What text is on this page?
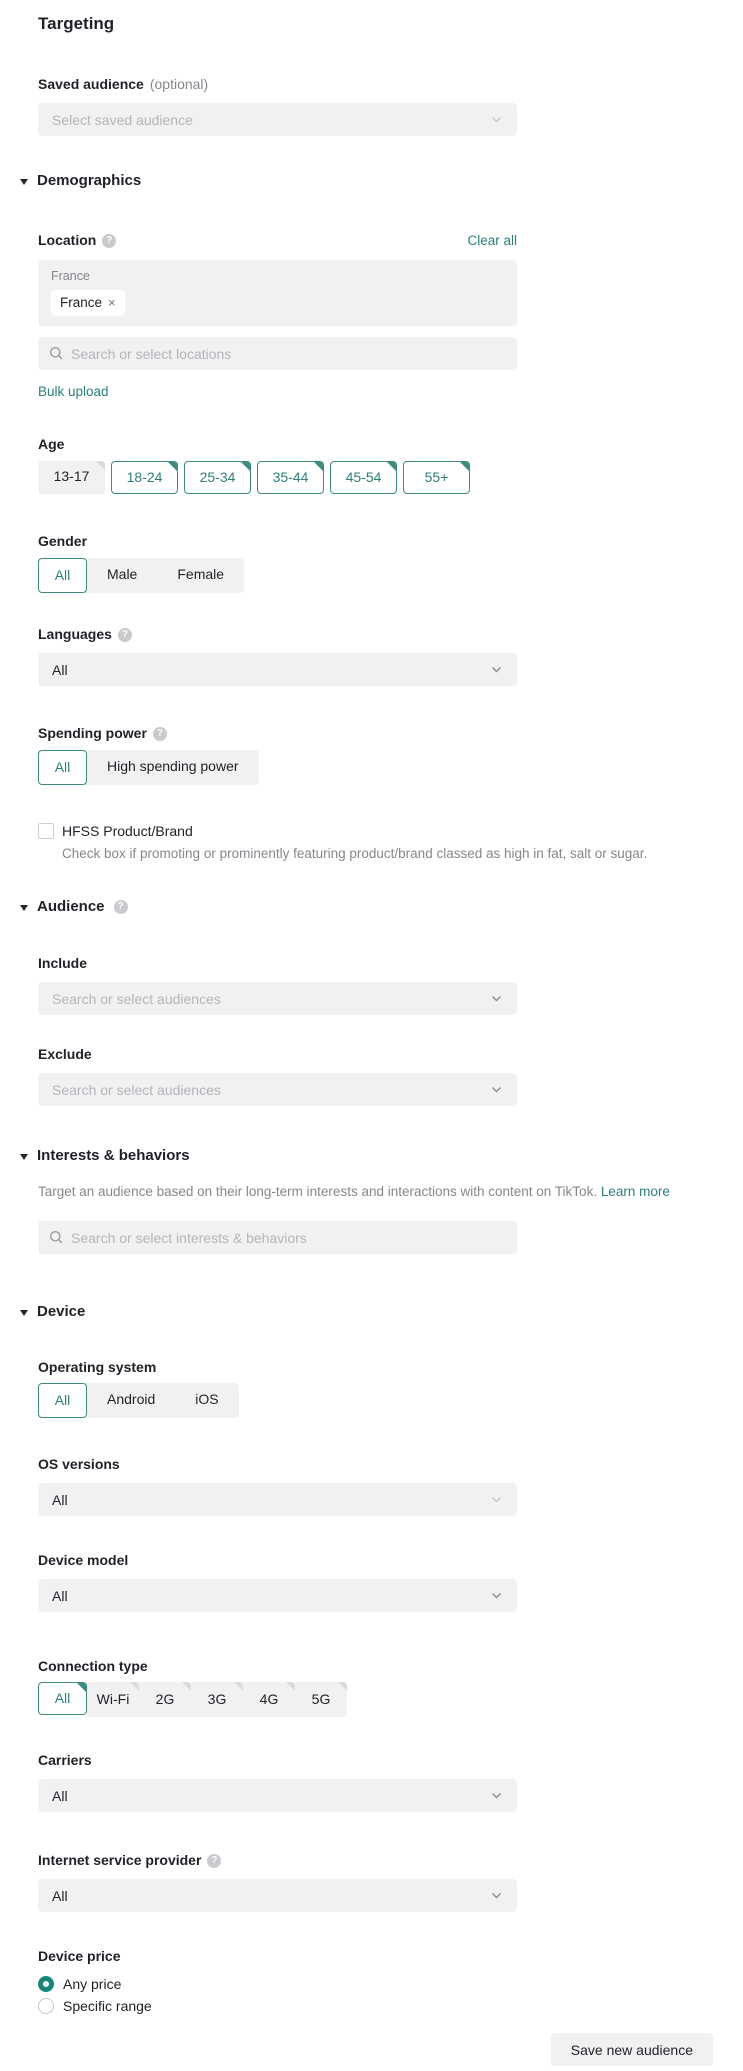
Targeting
Saved audience (optional)
Select saved audience
Demographics
Location ?	Clear all
France
France ×
Search or select locations
Bulk upload
Age
13-17	18-24	25-34	35-44	45-54	55+
Gender
All	Male	Female
Languages ?
All
Spending power ?
All	High spending power
HFSS Product/Brand
Check box if promoting or prominently featuring product/brand classed as high in fat, salt or sugar.
Audience	?
Include
Search or select audiences
Exclude
Search or select audiences
Interests & behaviors
Target an audience based on their long-term interests and interactions with content on TikTok. Learn more
Search or select interests & behaviors
Device
Operating system
All	Android	iOS
OS versions
All
Device model
All
Connection type
All	Wi-Fi	2G	3G	4G	5G
Carriers
All
Internet service provider ?
All
Device price
Any price
Specific range
Save new audience
